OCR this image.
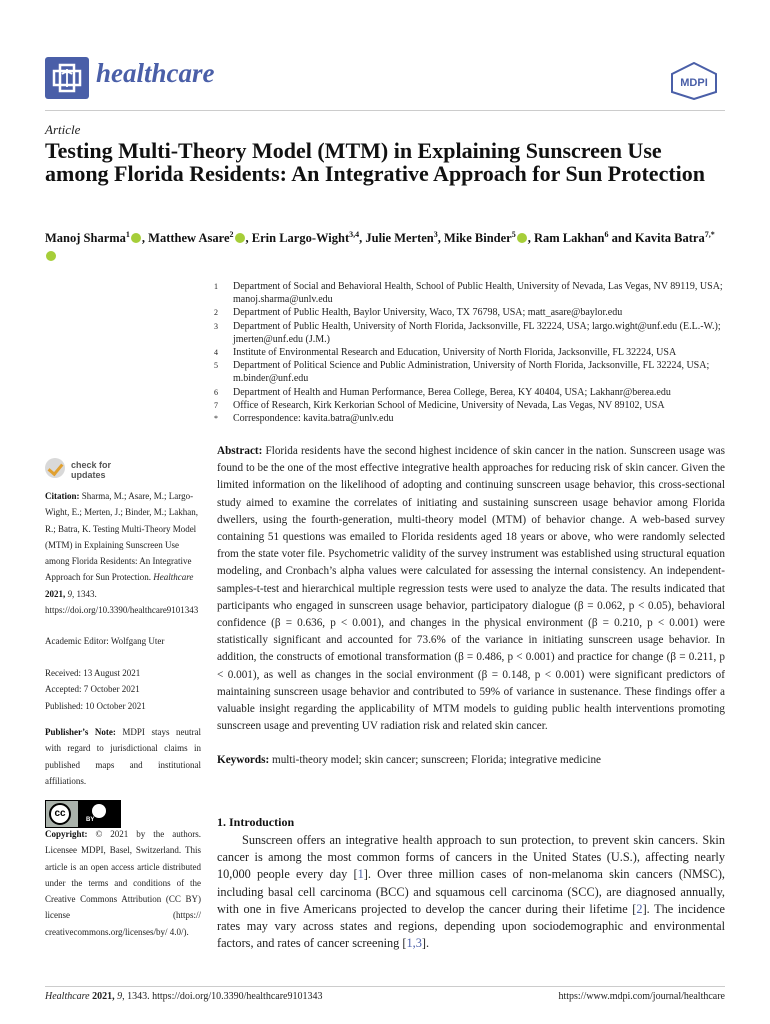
healthcare	MDPI
Article
Testing Multi-Theory Model (MTM) in Explaining Sunscreen Use among Florida Residents: An Integrative Approach for Sun Protection
Manoj Sharma$^1$ , Matthew Asare$^2$ , Erin Largo-Wight$^{3,4}$, Julie Merten$^3$, Mike Binder$^5$ , Ram Lakhan$^6$ and Kavita Batra$^{7,*}$
1 Department of Social and Behavioral Health, School of Public Health, University of Nevada, Las Vegas, NV 89119, USA; manoj.sharma@unlv.edu
2 Department of Public Health, Baylor University, Waco, TX 76798, USA; matt_asare@baylor.edu
3 Department of Public Health, University of North Florida, Jacksonville, FL 32224, USA; largo.wight@unf.edu (E.L.-W.); jmerten@unf.edu (J.M.)
4 Institute of Environmental Research and Education, University of North Florida, Jacksonville, FL 32224, USA
5 Department of Political Science and Public Administration, University of North Florida, Jacksonville, FL 32224, USA; m.binder@unf.edu
6 Department of Health and Human Performance, Berea College, Berea, KY 40404, USA; Lakhanr@berea.edu
7 Office of Research, Kirk Kerkorian School of Medicine, University of Nevada, Las Vegas, NV 89102, USA
* Correspondence: kavita.batra@unlv.edu
check for
updates
Citation: Sharma, M.; Asare, M.; Largo-Wight, E.; Merten, J.; Binder, M.; Lakhan, R.; Batra, K. Testing Multi-Theory Model (MTM) in Explaining Sunscreen Use among Florida Residents: An Integrative Approach for Sun Protection. Healthcare 2021, 9, 1343. https://doi.org/10.3390/healthcare9101343
Academic Editor: Wolfgang Uter
Received: 13 August 2021
Accepted: 7 October 2021
Published: 10 October 2021
Publisher’s Note: MDPI stays neutral with regard to jurisdictional claims in published maps and institutional affiliations.
cc
BY
Copyright: © 2021 by the authors. Licensee MDPI, Basel, Switzerland. This article is an open access article distributed under the terms and conditions of the Creative Commons Attribution (CC BY) license (https:// creativecommons.org/licenses/by/ 4.0/).
Abstract: Florida residents have the second highest incidence of skin cancer in the nation. Sunscreen usage was found to be the one of the most effective integrative health approaches for reducing risk of skin cancer. Given the limited information on the likelihood of adopting and continuing sunscreen usage behavior, this cross-sectional study aimed to examine the correlates of initiating and sustaining sunscreen usage behavior among Florida dwellers, using the fourth-generation, multi-theory model (MTM) of behavior change. A web-based survey containing 51 questions was emailed to Florida residents aged 18 years or above, who were randomly selected from the state voter file. Psychometric validity of the survey instrument was established using structural equation modeling, and Cronbach’s alpha values were calculated for assessing the internal consistency. An independent-samples-t-test and hierarchical multiple regression tests were used to analyze the data. The results indicated that participants who engaged in sunscreen usage behavior, participatory dialogue (β = 0.062, p < 0.05), behavioral confidence (β = 0.636, p < 0.001), and changes in the physical environment (β = 0.210, p < 0.001) were statistically significant and accounted for 73.6% of the variance in initiating sunscreen usage behavior. In addition, the constructs of emotional transformation (β = 0.486, p < 0.001) and practice for change (β = 0.211, p < 0.001), as well as changes in the social environment (β = 0.148, p < 0.001) were significant predictors of maintaining sunscreen usage behavior and contributed to 59% of variance in sustenance. These findings offer a valuable insight regarding the applicability of MTM models to guiding public health interventions promoting sunscreen usage and preventing UV radiation risk and related skin cancer.
Keywords: multi-theory model; skin cancer; sunscreen; Florida; integrative medicine
1. Introduction
Sunscreen offers an integrative health approach to sun protection, to prevent skin cancers. Skin cancer is among the most common forms of cancers in the United States (U.S.), affecting nearly 10,000 people every day [1]. Over three million cases of non-melanoma skin cancers (NMSC), including basal cell carcinoma (BCC) and squamous cell carcinoma (SCC), are diagnosed annually, with one in five Americans projected to develop the cancer during their lifetime [2]. The incidence rates may vary across states and regions, depending upon sociodemographic and environmental factors, and rates of cancer screening [1,3].
Healthcare 2021, 9, 1343. https://doi.org/10.3390/healthcare9101343	https://www.mdpi.com/journal/healthcare
